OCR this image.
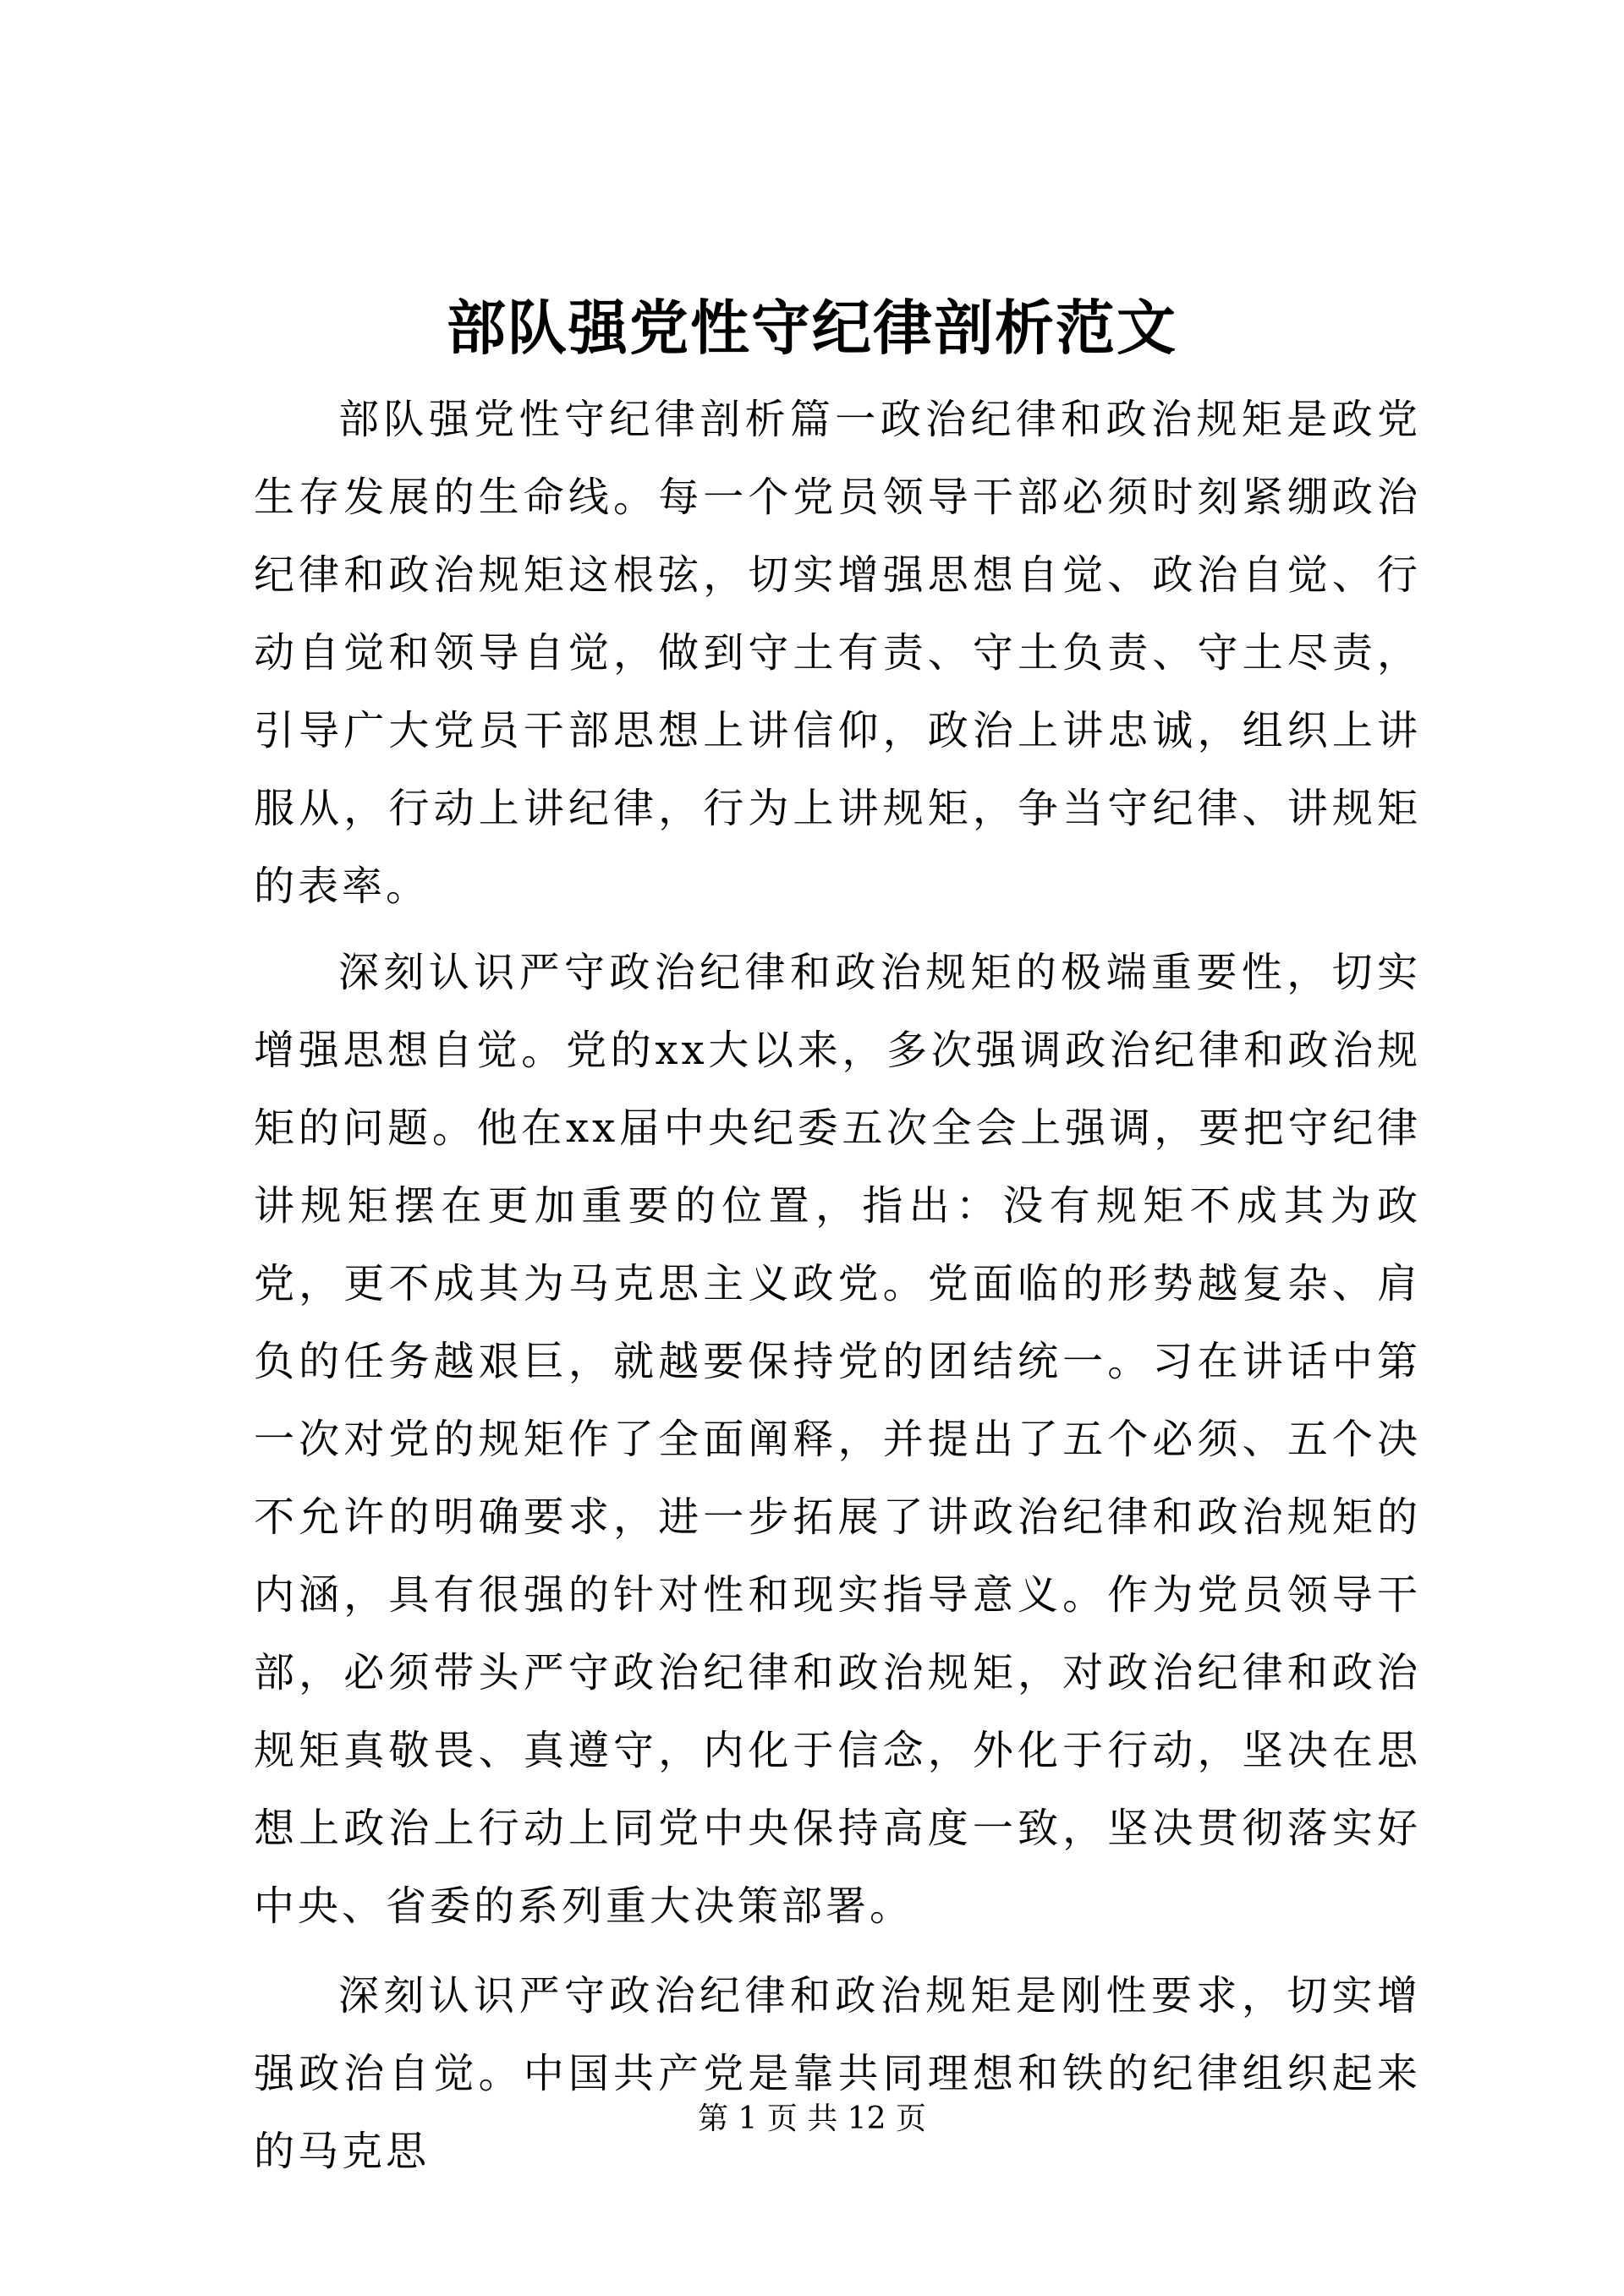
部队强党性守纪律剖析范文

部队强党性守纪律剖析篇一政治纪律和政治规矩是政党生存发展的生命线。每一个党员领导干部必须时刻紧绷政治纪律和政治规矩这根弦，切实增强思想自觉、政治自觉、行动自觉和领导自觉，做到守土有责、守土负责、守土尽责，引导广大党员干部思想上讲信仰，政治上讲忠诚，组织上讲服从，行动上讲纪律，行为上讲规矩，争当守纪律、讲规矩的表率。

深刻认识严守政治纪律和政治规矩的极端重要性，切实增强思想自觉。党的xx大以来，多次强调政治纪律和政治规矩的问题。他在xx届中央纪委五次全会上强调，要把守纪律讲规矩摆在更加重要的位置，指出：没有规矩不成其为政党，更不成其为马克思主义政党。党面临的形势越复杂、肩负的任务越艰巨，就越要保持党的团结统一。习在讲话中第一次对党的规矩作了全面阐释，并提出了五个必须、五个决不允许的明确要求，进一步拓展了讲政治纪律和政治规矩的内涵，具有很强的针对性和现实指导意义。作为党员领导干部，必须带头严守政治纪律和政治规矩，对政治纪律和政治规矩真敬畏、真遵守，内化于信念，外化于行动，坚决在思想上政治上行动上同党中央保持高度一致，坚决贯彻落实好中央、省委的系列重大决策部署。

深刻认识严守政治纪律和政治规矩是刚性要求，切实增强政治自觉。中国共产党是靠共同理想和铁的纪律组织起来的马克思

第 1 页 共 12 页
